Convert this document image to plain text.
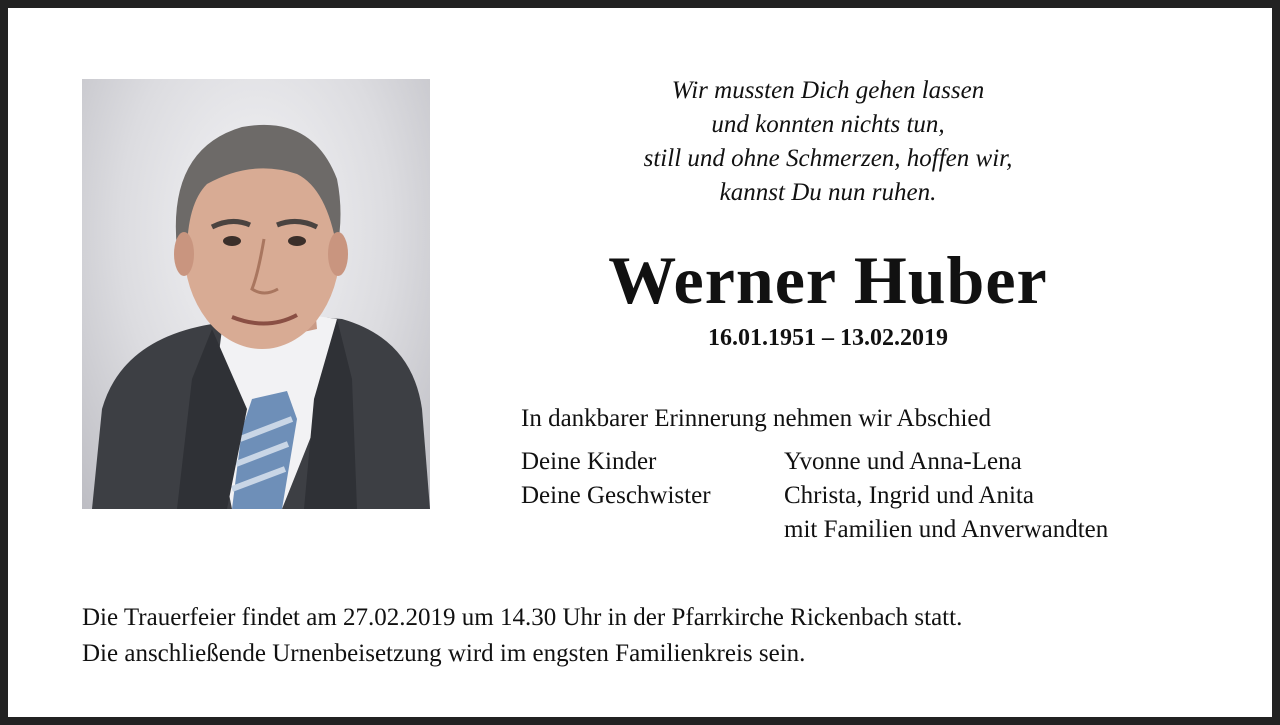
Wir mussten Dich gehen lassen
und konnten nichts tun,
still und ohne Schmerzen, hoffen wir,
kannst Du nun ruhen.
Werner Huber
16.01.1951 – 13.02.2019
In dankbarer Erinnerung nehmen wir Abschied
Deine Kinder	Yvonne und Anna-Lena
Deine Geschwister	Christa, Ingrid und Anita
mit Familien und Anverwandten
Die Trauerfeier findet am 27.02.2019 um 14.30 Uhr in der Pfarrkirche Rickenbach statt.
Die anschließende Urnenbeisetzung wird im engsten Familienkreis sein.
